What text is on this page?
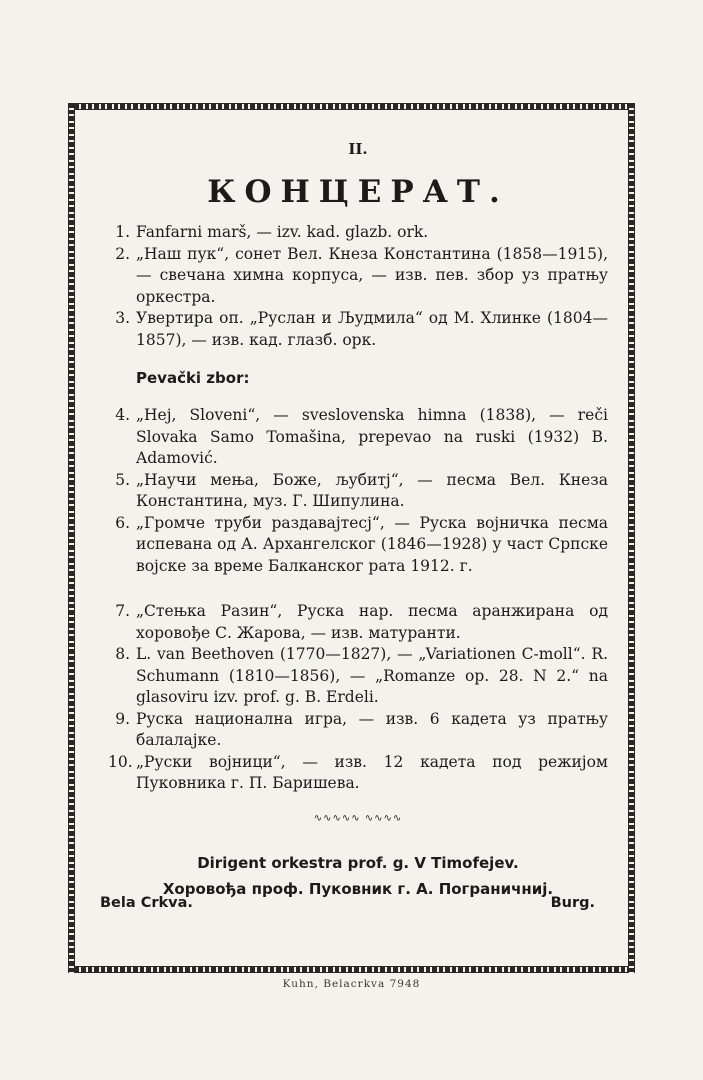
II.
КОНЦЕРАТ.
1. Fanfarni marš, — izv. kad. glazb. ork.
2. „Наш пук“, сонет Вел. Кнеза Константина (1858—1915), — свечана химна корпуса, — изв. пев. збор уз пратњу оркестра.
3. Увертира оп. „Руслан и Људмила“ од М. Хлинке (1804—1857), — изв. кад. глазб. орк.
Pevački zbor:
4. „Hej, Sloveni“, — sveslovenska himna (1838), — reči Slovaka Samo Tomašina, prepevao na ruski (1932) B. Adamović.
5. „Научи мења, Боже, љубитј“, — песма Вел. Кнеза Константина, муз. Г. Шипулина.
6. „Громче труби раздавајтесј“, — Руска војничка песма испевана од А. Архангелског (1846—1928) у част Српске војске за време Балканског рата 1912. г.
7. „Стењка Разин“, Руска нар. песма аранжирана од хоровође С. Жарова, — изв. матуранти.
8. L. van Beethoven (1770—1827), — „Variationen C-moll“. R. Schumann (1810—1856), — „Romanze op. 28. N 2.“ na glasoviru izv. prof. g. B. Erdeli.
9. Руска национална игра, — изв. 6 кадета уз пратњу балалајке.
10. „Руски војници“, — изв. 12 кадета под режијом Пуковника г. П. Баришева.
∿∿∿∿∿ ∿∿∿∿
Dirigent orkestra prof. g. V Timofejev.
Хоровођа проф. Пуковник г. А. Пограничниј.
Bela Crkva.	Burg.
Kuhn, Belacrkva 7948
